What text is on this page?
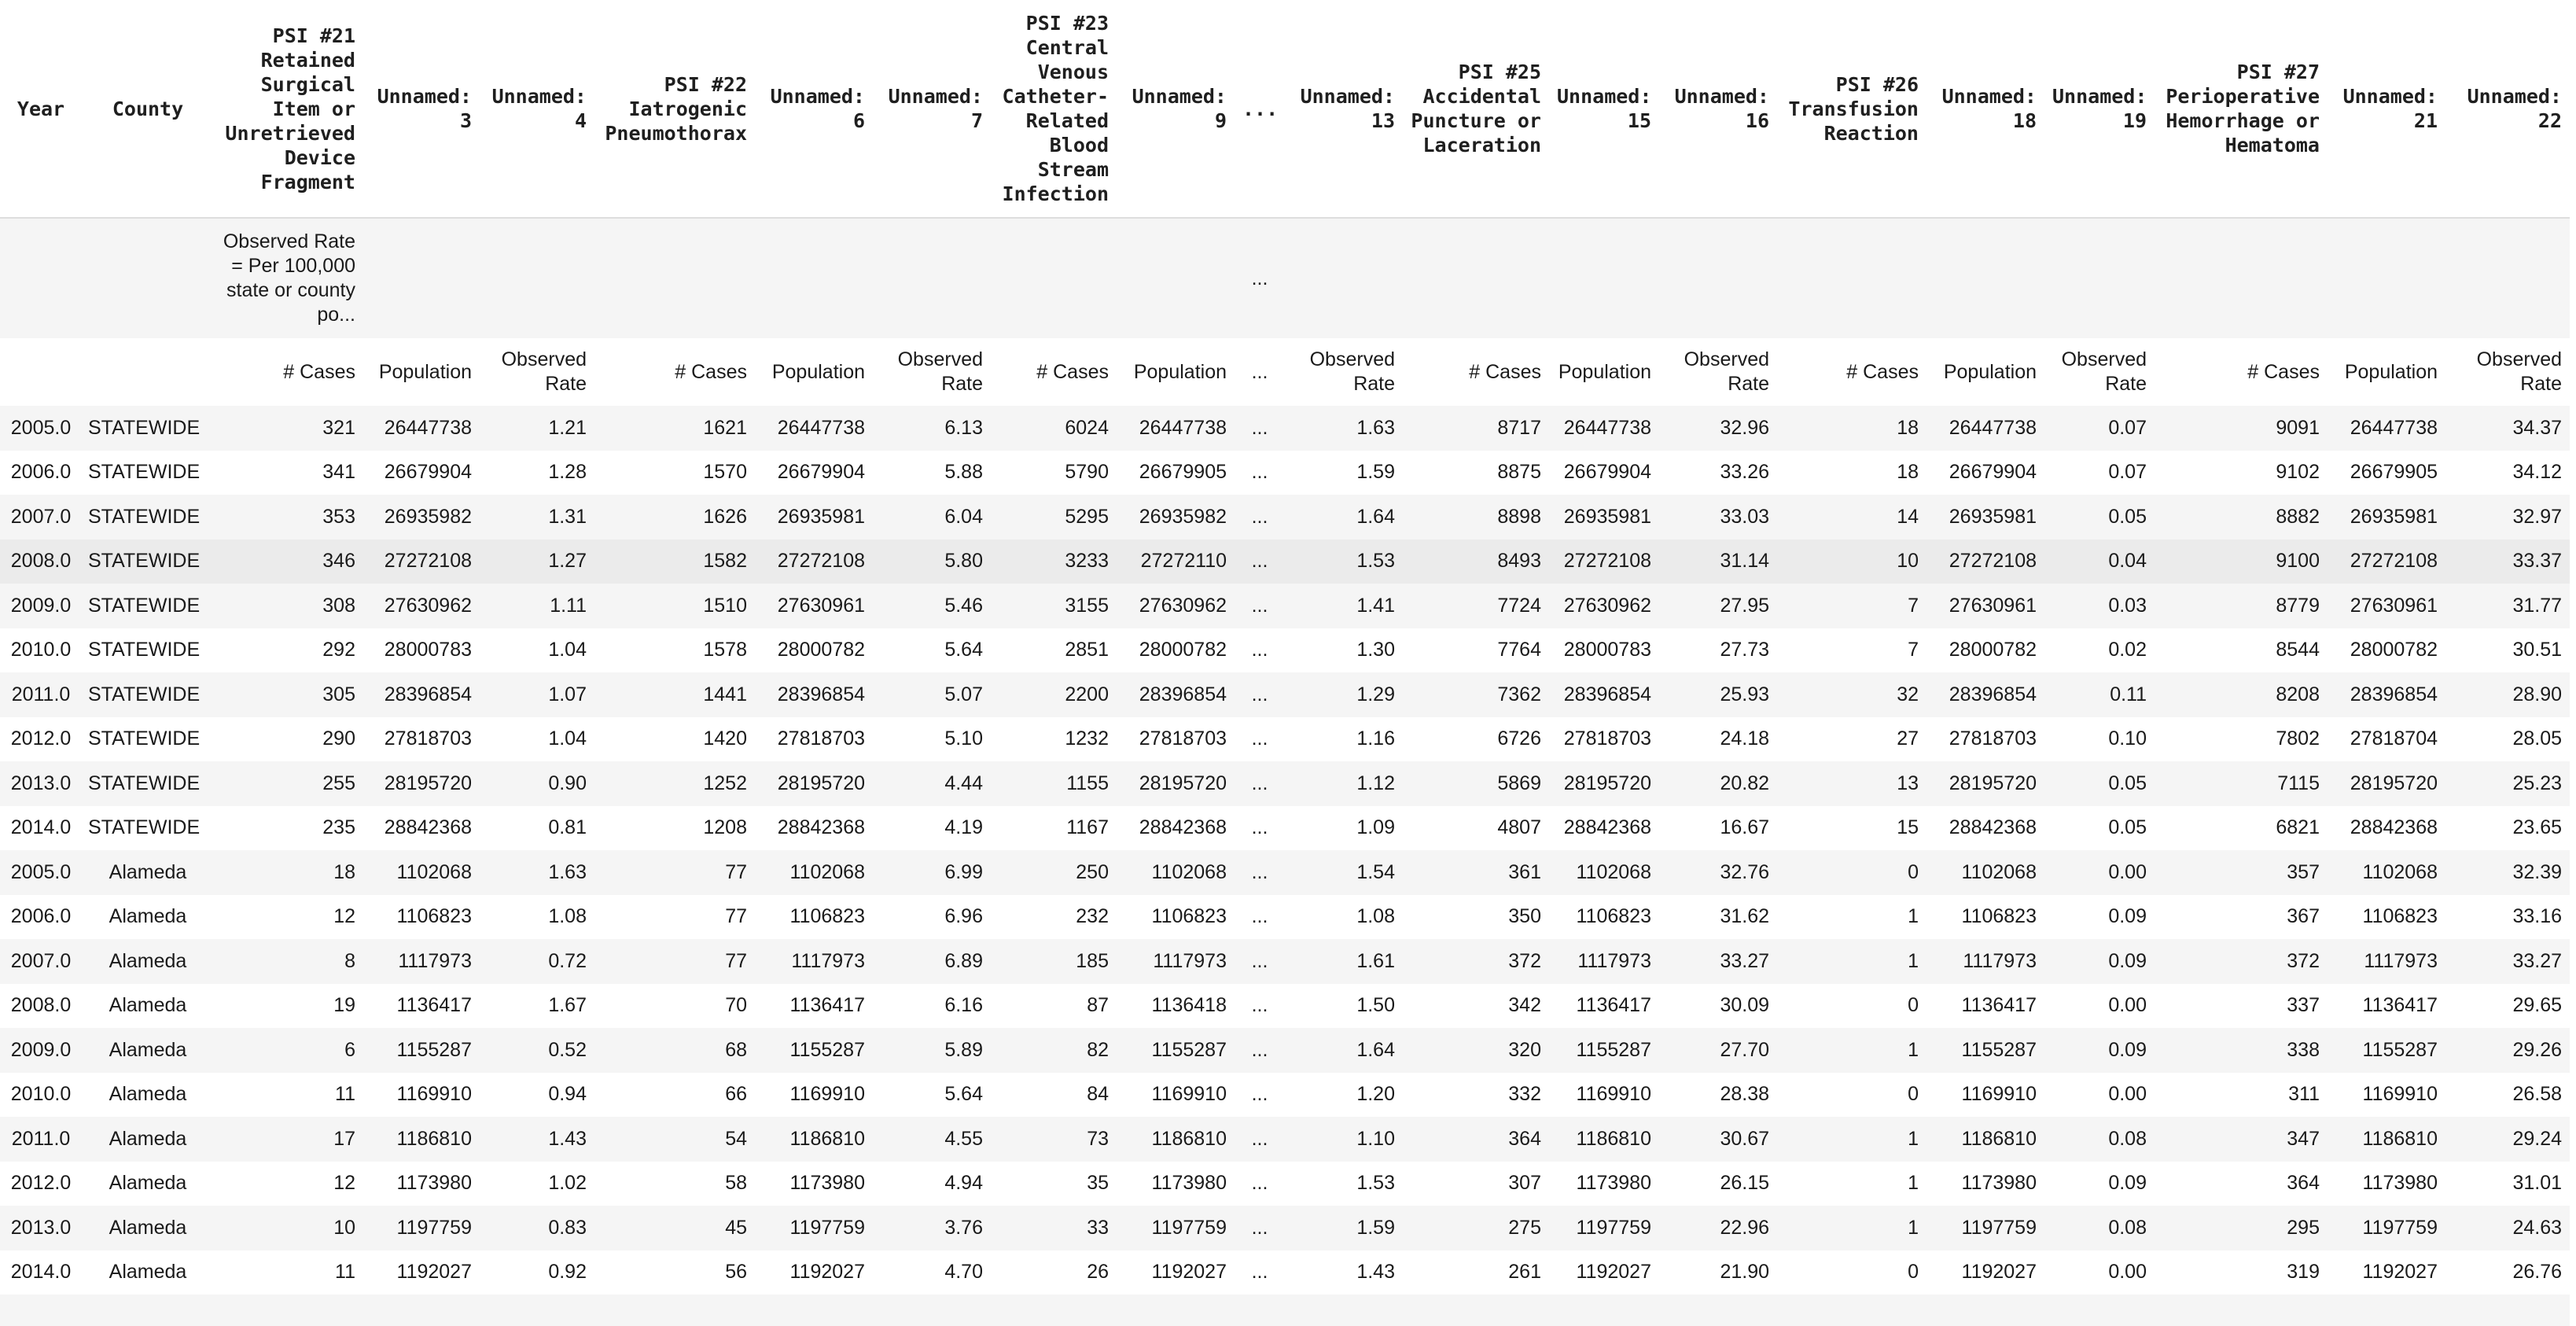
Year	County	PSI #21 Retained Surgical Item or Unretrieved Device Fragment	Unnamed: 3	Unnamed: 4	PSI #22 Iatrogenic Pneumothorax	Unnamed: 6	Unnamed: 7	PSI #23 Central Venous Catheter-Related Blood Stream Infection	Unnamed: 9	...	Unnamed: 13	PSI #25 Accidental Puncture or Laceration	Unnamed: 15	Unnamed: 16	PSI #26 Transfusion Reaction	Unnamed: 18	Unnamed: 19	PSI #27 Perioperative Hemorrhage or Hematoma	Unnamed: 21	Unnamed: 22
		Observed Rate = Per 100,000 state or county po...								...										
		# Cases	Population	Observed Rate	# Cases	Population	Observed Rate	# Cases	Population	...	Observed Rate	# Cases	Population	Observed Rate	# Cases	Population	Observed Rate	# Cases	Population	Observed Rate
2005.0	STATEWIDE	321	26447738	1.21	1621	26447738	6.13	6024	26447738	...	1.63	8717	26447738	32.96	18	26447738	0.07	9091	26447738	34.37
2006.0	STATEWIDE	341	26679904	1.28	1570	26679904	5.88	5790	26679905	...	1.59	8875	26679904	33.26	18	26679904	0.07	9102	26679905	34.12
2007.0	STATEWIDE	353	26935982	1.31	1626	26935981	6.04	5295	26935982	...	1.64	8898	26935981	33.03	14	26935981	0.05	8882	26935981	32.97
2008.0	STATEWIDE	346	27272108	1.27	1582	27272108	5.80	3233	27272110	...	1.53	8493	27272108	31.14	10	27272108	0.04	9100	27272108	33.37
2009.0	STATEWIDE	308	27630962	1.11	1510	27630961	5.46	3155	27630962	...	1.41	7724	27630962	27.95	7	27630961	0.03	8779	27630961	31.77
2010.0	STATEWIDE	292	28000783	1.04	1578	28000782	5.64	2851	28000782	...	1.30	7764	28000783	27.73	7	28000782	0.02	8544	28000782	30.51
2011.0	STATEWIDE	305	28396854	1.07	1441	28396854	5.07	2200	28396854	...	1.29	7362	28396854	25.93	32	28396854	0.11	8208	28396854	28.90
2012.0	STATEWIDE	290	27818703	1.04	1420	27818703	5.10	1232	27818703	...	1.16	6726	27818703	24.18	27	27818703	0.10	7802	27818704	28.05
2013.0	STATEWIDE	255	28195720	0.90	1252	28195720	4.44	1155	28195720	...	1.12	5869	28195720	20.82	13	28195720	0.05	7115	28195720	25.23
2014.0	STATEWIDE	235	28842368	0.81	1208	28842368	4.19	1167	28842368	...	1.09	4807	28842368	16.67	15	28842368	0.05	6821	28842368	23.65
2005.0	Alameda	18	1102068	1.63	77	1102068	6.99	250	1102068	...	1.54	361	1102068	32.76	0	1102068	0.00	357	1102068	32.39
2006.0	Alameda	12	1106823	1.08	77	1106823	6.96	232	1106823	...	1.08	350	1106823	31.62	1	1106823	0.09	367	1106823	33.16
2007.0	Alameda	8	1117973	0.72	77	1117973	6.89	185	1117973	...	1.61	372	1117973	33.27	1	1117973	0.09	372	1117973	33.27
2008.0	Alameda	19	1136417	1.67	70	1136417	6.16	87	1136418	...	1.50	342	1136417	30.09	0	1136417	0.00	337	1136417	29.65
2009.0	Alameda	6	1155287	0.52	68	1155287	5.89	82	1155287	...	1.64	320	1155287	27.70	1	1155287	0.09	338	1155287	29.26
2010.0	Alameda	11	1169910	0.94	66	1169910	5.64	84	1169910	...	1.20	332	1169910	28.38	0	1169910	0.00	311	1169910	26.58
2011.0	Alameda	17	1186810	1.43	54	1186810	4.55	73	1186810	...	1.10	364	1186810	30.67	1	1186810	0.08	347	1186810	29.24
2012.0	Alameda	12	1173980	1.02	58	1173980	4.94	35	1173980	...	1.53	307	1173980	26.15	1	1173980	0.09	364	1173980	31.01
2013.0	Alameda	10	1197759	0.83	45	1197759	3.76	33	1197759	...	1.59	275	1197759	22.96	1	1197759	0.08	295	1197759	24.63
2014.0	Alameda	11	1192027	0.92	56	1192027	4.70	26	1192027	...	1.43	261	1192027	21.90	0	1192027	0.00	319	1192027	26.76
